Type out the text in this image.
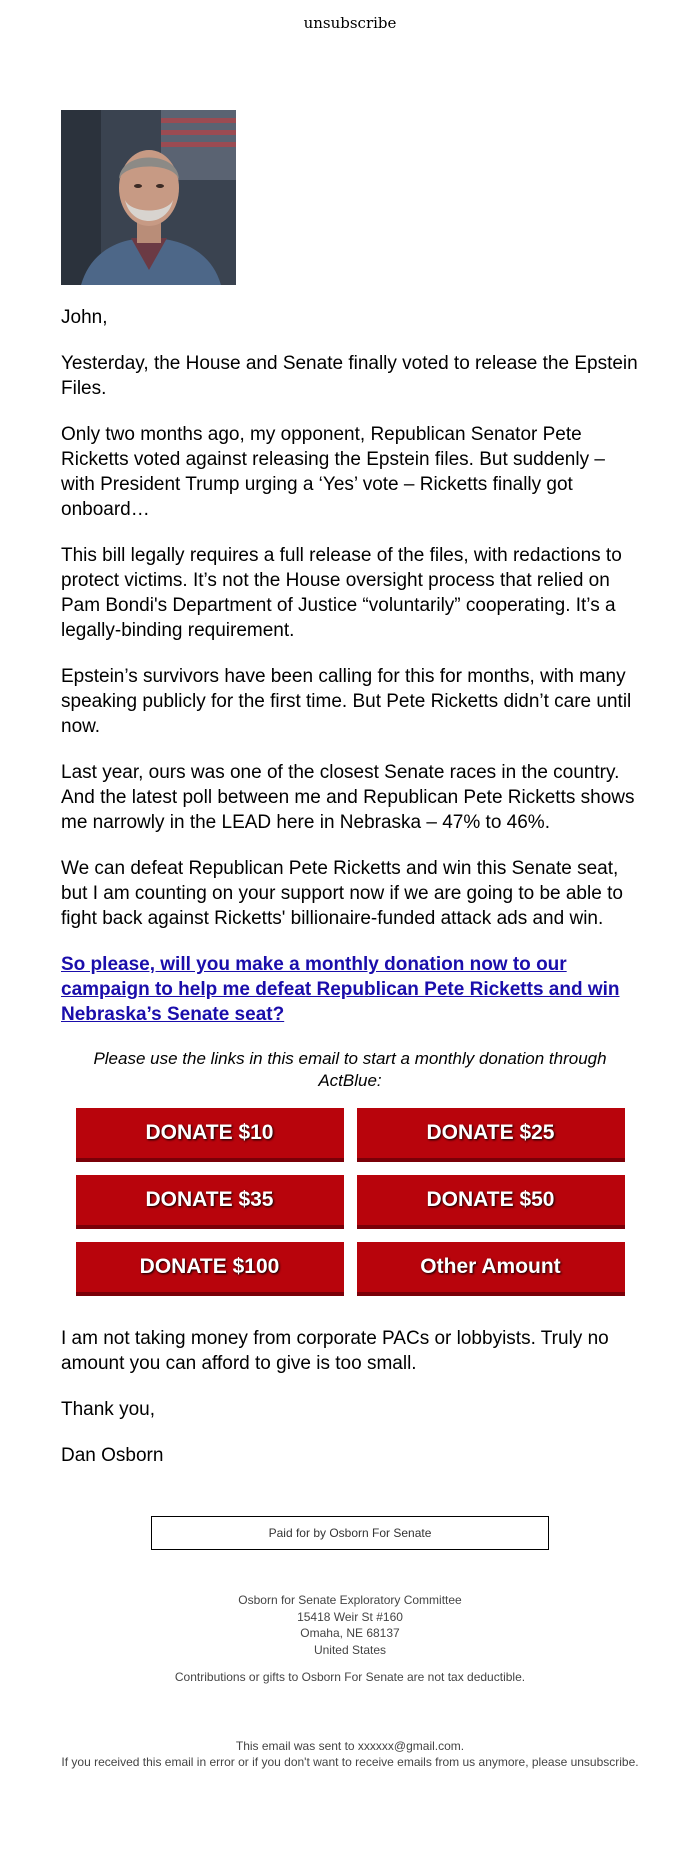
unsubscribe

John,

Yesterday, the House and Senate finally voted to release the Epstein Files.

Only two months ago, my opponent, Republican Senator Pete Ricketts voted against releasing the Epstein files. But suddenly – with President Trump urging a ‘Yes’ vote – Ricketts finally got onboard…

This bill legally requires a full release of the files, with redactions to protect victims. It’s not the House oversight process that relied on Pam Bondi's Department of Justice “voluntarily” cooperating. It’s a legally-binding requirement.

Epstein’s survivors have been calling for this for months, with many speaking publicly for the first time. But Pete Ricketts didn’t care until now.

Last year, ours was one of the closest Senate races in the country. And the latest poll between me and Republican Pete Ricketts shows me narrowly in the LEAD here in Nebraska – 47% to 46%.

We can defeat Republican Pete Ricketts and win this Senate seat, but I am counting on your support now if we are going to be able to fight back against Ricketts' billionaire-funded attack ads and win.

So please, will you make a monthly donation now to our campaign to help me defeat Republican Pete Ricketts and win Nebraska’s Senate seat?

Please use the links in this email to start a monthly donation through ActBlue:

DONATE $10	DONATE $25
DONATE $35	DONATE $50
DONATE $100	Other Amount

I am not taking money from corporate PACs or lobbyists. Truly no amount you can afford to give is too small.

Thank you,

Dan Osborn

Paid for by Osborn For Senate
Osborn for Senate Exploratory Committee
15418 Weir St #160
Omaha, NE 68137
United States
Contributions or gifts to Osborn For Senate are not tax deductible.
This email was sent to xxxxxx@gmail.com.
If you received this email in error or if you don't want to receive emails from us anymore, please unsubscribe.
